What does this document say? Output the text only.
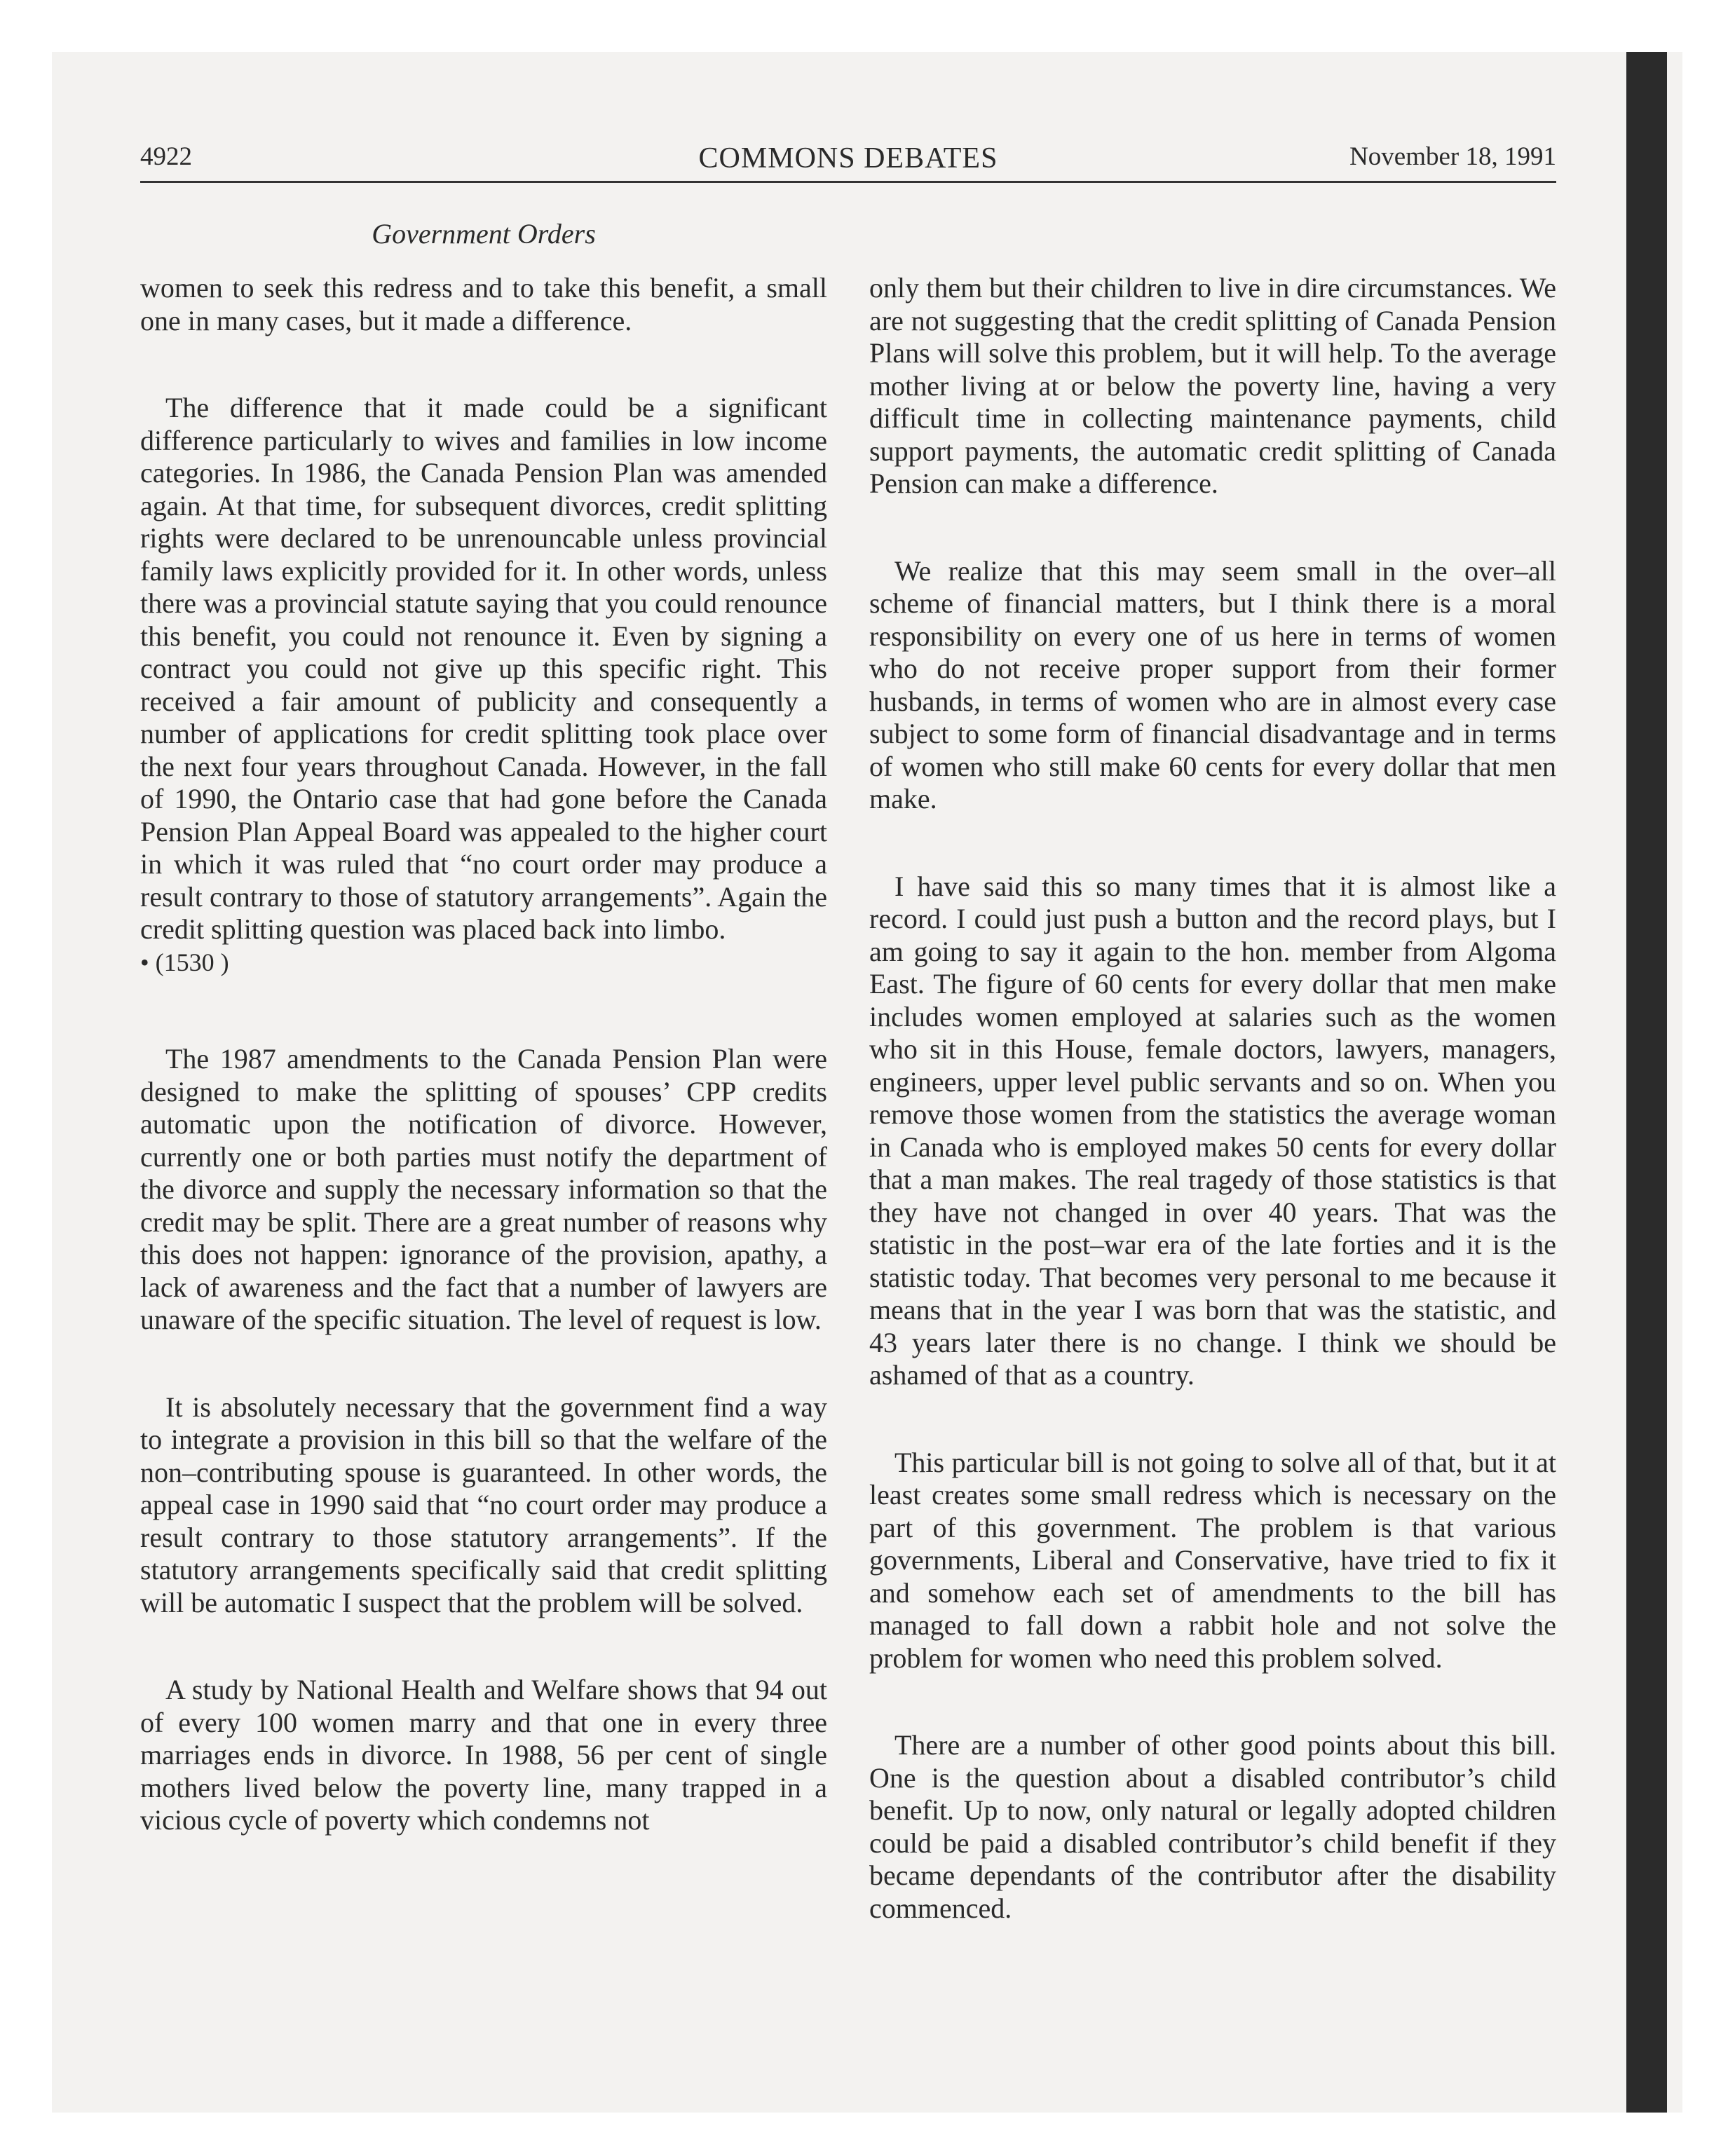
4922	COMMONS DEBATES	November 18, 1991
Government Orders

women to seek this redress and to take this benefit, a small one in many cases, but it made a difference.

The difference that it made could be a significant difference particularly to wives and families in low income categories. In 1986, the Canada Pension Plan was amended again. At that time, for subsequent divorces, credit splitting rights were declared to be unrenouncable unless provincial family laws explicitly provided for it. In other words, unless there was a provincial statute saying that you could renounce this benefit, you could not renounce it. Even by signing a contract you could not give up this specific right. This received a fair amount of publicity and consequently a number of applications for credit splitting took place over the next four years throughout Canada. However, in the fall of 1990, the Ontario case that had gone before the Canada Pension Plan Appeal Board was appealed to the higher court in which it was ruled that “no court order may produce a result contrary to those of statutory arrangements”. Again the credit splitting question was placed back into limbo.

• (1530 )

The 1987 amendments to the Canada Pension Plan were designed to make the splitting of spouses’ CPP credits automatic upon the notification of divorce. However, currently one or both parties must notify the department of the divorce and supply the necessary information so that the credit may be split. There are a great number of reasons why this does not happen: ignorance of the provision, apathy, a lack of awareness and the fact that a number of lawyers are unaware of the specific situation. The level of request is low.

It is absolutely necessary that the government find a way to integrate a provision in this bill so that the welfare of the non–contributing spouse is guaranteed. In other words, the appeal case in 1990 said that “no court order may produce a result contrary to those statutory arrangements”. If the statutory arrangements specifically said that credit splitting will be automatic I suspect that the problem will be solved.

A study by National Health and Welfare shows that 94 out of every 100 women marry and that one in every three marriages ends in divorce. In 1988, 56 per cent of single mothers lived below the poverty line, many trapped in a vicious cycle of poverty which condemns not

only them but their children to live in dire circumstances. We are not suggesting that the credit splitting of Canada Pension Plans will solve this problem, but it will help. To the average mother living at or below the poverty line, having a very difficult time in collecting maintenance payments, child support payments, the automatic credit splitting of Canada Pension can make a difference.

We realize that this may seem small in the over–all scheme of financial matters, but I think there is a moral responsibility on every one of us here in terms of women who do not receive proper support from their former husbands, in terms of women who are in almost every case subject to some form of financial disadvantage and in terms of women who still make 60 cents for every dollar that men make.

I have said this so many times that it is almost like a record. I could just push a button and the record plays, but I am going to say it again to the hon. member from Algoma East. The figure of 60 cents for every dollar that men make includes women employed at salaries such as the women who sit in this House, female doctors, lawyers, managers, engineers, upper level public servants and so on. When you remove those women from the statistics the average woman in Canada who is employed makes 50 cents for every dollar that a man makes. The real tragedy of those statistics is that they have not changed in over 40 years. That was the statistic in the post–war era of the late forties and it is the statistic today. That becomes very personal to me because it means that in the year I was born that was the statistic, and 43 years later there is no change. I think we should be ashamed of that as a country.

This particular bill is not going to solve all of that, but it at least creates some small redress which is necessary on the part of this government. The problem is that various governments, Liberal and Conservative, have tried to fix it and somehow each set of amendments to the bill has managed to fall down a rabbit hole and not solve the problem for women who need this problem solved.

There are a number of other good points about this bill. One is the question about a disabled contributor’s child benefit. Up to now, only natural or legally adopted children could be paid a disabled contributor’s child benefit if they became dependants of the contributor after the disability commenced.
